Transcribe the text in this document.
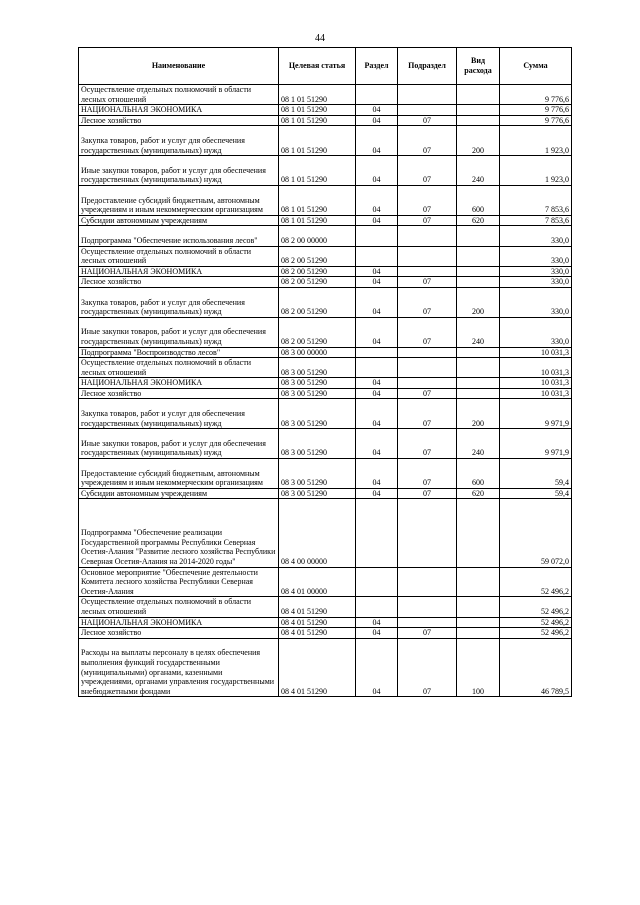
44
Наименование	Целевая статья	Раздел	Подраздел	Вид расхода	Сумма
Осуществление отдельных полномочий в области лесных отношений	08 1 01 51290				9 776,6
НАЦИОНАЛЬНАЯ ЭКОНОМИКА	08 1 01 51290	04			9 776,6
Лесное хозяйство	08 1 01 51290	04	07		9 776,6
Закупка товаров, работ и услуг для обеспечения государственных (муниципальных) нужд	08 1 01 51290	04	07	200	1 923,0
Иные закупки товаров, работ и услуг для обеспечения государственных (муниципальных) нужд	08 1 01 51290	04	07	240	1 923,0
Предоставление субсидий бюджетным, автономным учреждениям и иным некоммерческим организациям	08 1 01 51290	04	07	600	7 853,6
Субсидии автономным учреждениям	08 1 01 51290	04	07	620	7 853,6
Подпрограмма "Обеспечение использования лесов"	08 2 00 00000				330,0
Осуществление отдельных полномочий в области лесных отношений	08 2 00 51290				330,0
НАЦИОНАЛЬНАЯ ЭКОНОМИКА	08 2 00 51290	04			330,0
Лесное хозяйство	08 2 00 51290	04	07		330,0
Закупка товаров, работ и услуг для обеспечения государственных (муниципальных) нужд	08 2 00 51290	04	07	200	330,0
Иные закупки товаров, работ и услуг для обеспечения государственных (муниципальных) нужд	08 2 00 51290	04	07	240	330,0
Подпрограмма "Воспроизводство лесов"	08 3 00 00000				10 031,3
Осуществление отдельных полномочий в области лесных отношений	08 3 00 51290				10 031,3
НАЦИОНАЛЬНАЯ ЭКОНОМИКА	08 3 00 51290	04			10 031,3
Лесное хозяйство	08 3 00 51290	04	07		10 031,3
Закупка товаров, работ и услуг для обеспечения государственных (муниципальных) нужд	08 3 00 51290	04	07	200	9 971,9
Иные закупки товаров, работ и услуг для обеспечения государственных (муниципальных) нужд	08 3 00 51290	04	07	240	9 971,9
Предоставление субсидий бюджетным, автономным учреждениям и иным некоммерческим организациям	08 3 00 51290	04	07	600	59,4
Субсидии автономным учреждениям	08 3 00 51290	04	07	620	59,4
Подпрограмма "Обеспечение реализации Государственной программы Республики Северная Осетия-Алания "Развитие лесного хозяйства Республики Северная Осетия-Алания на 2014-2020 годы"	08 4 00 00000				59 072,0
Основное мероприятие "Обеспечение деятельности Комитета лесного хозяйства Республики Северная Осетия-Алания	08 4 01 00000				52 496,2
Осуществление отдельных полномочий в области лесных отношений	08 4 01 51290				52 496,2
НАЦИОНАЛЬНАЯ ЭКОНОМИКА	08 4 01 51290	04			52 496,2
Лесное хозяйство	08 4 01 51290	04	07		52 496,2
Расходы на выплаты персоналу в целях обеспечения выполнения функций государственными (муниципальными) органами, казенными учреждениями, органами управления государственными внебюджетными фондами	08 4 01 51290	04	07	100	46 789,5
